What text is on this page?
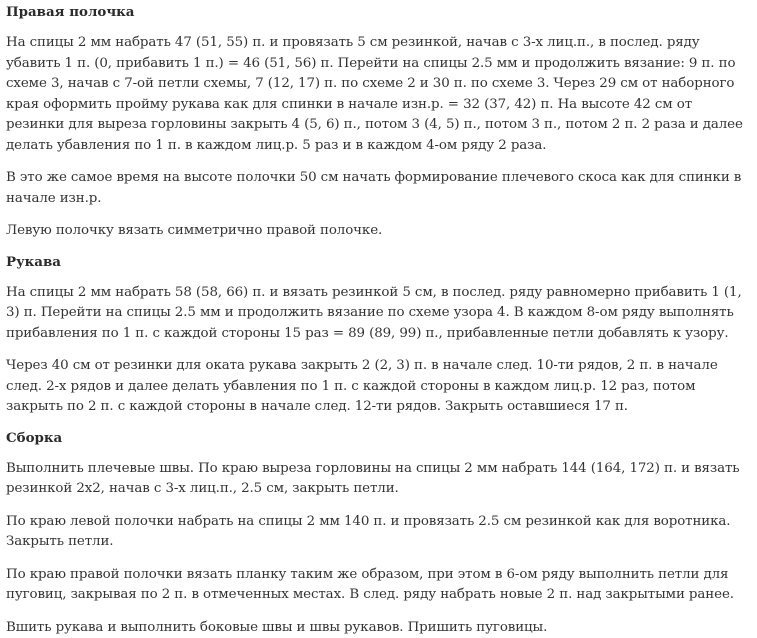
Правая полочка

На спицы 2 мм набрать 47 (51, 55) п. и провязать 5 см резинкой, начав с 3-х лиц.п., в послед. ряду убавить 1 п. (0, прибавить 1 п.) = 46 (51, 56) п. Перейти на спицы 2.5 мм и продолжить вязание: 9 п. по схеме 3, начав с 7-ой петли схемы, 7 (12, 17) п. по схеме 2 и 30 п. по схеме 3. Через 29 см от наборного края оформить пройму рукава как для спинки в начале изн.р. = 32 (37, 42) п. На высоте 42 см от резинки для выреза горловины закрыть 4 (5, 6) п., потом 3 (4, 5) п., потом 3 п., потом 2 п. 2 раза и далее делать убавления по 1 п. в каждом лиц.р. 5 раз и в каждом 4-ом ряду 2 раза.

В это же самое время на высоте полочки 50 см начать формирование плечевого скоса как для спинки в начале изн.р.

Левую полочку вязать симметрично правой полочке.

Рукава

На спицы 2 мм набрать 58 (58, 66) п. и вязать резинкой 5 см, в послед. ряду равномерно прибавить 1 (1, 3) п. Перейти на спицы 2.5 мм и продолжить вязание по схеме узора 4. В каждом 8-ом ряду выполнять прибавления по 1 п. с каждой стороны 15 раз = 89 (89, 99) п., прибавленные петли добавлять к узору.

Через 40 см от резинки для оката рукава закрыть 2 (2, 3) п. в начале след. 10-ти рядов, 2 п. в начале след. 2-х рядов и далее делать убавления по 1 п. с каждой стороны в каждом лиц.р. 12 раз, потом закрыть по 2 п. с каждой стороны в начале след. 12-ти рядов. Закрыть оставшиеся 17 п.

Сборка

Выполнить плечевые швы. По краю выреза горловины на спицы 2 мм набрать 144 (164, 172) п. и вязать резинкой 2х2, начав с 3-х лиц.п., 2.5 см, закрыть петли.

По краю левой полочки набрать на спицы 2 мм 140 п. и провязать 2.5 см резинкой как для воротника. Закрыть петли.

По краю правой полочки вязать планку таким же образом, при этом в 6-ом ряду выполнить петли для пуговиц, закрывая по 2 п. в отмеченных местах. В след. ряду набрать новые 2 п. над закрытыми ранее.

Вшить рукава и выполнить боковые швы и швы рукавов. Пришить пуговицы.
